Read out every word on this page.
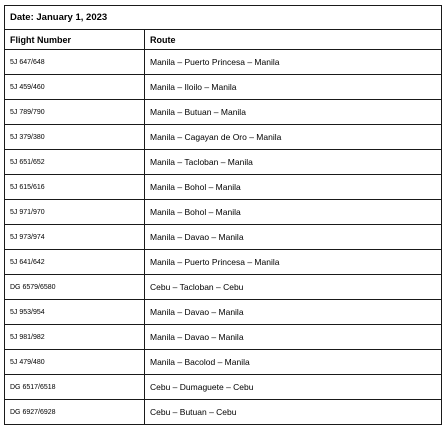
Date: January 1, 2023	
Flight Number	Route
5J 647/648	Manila – Puerto Princesa – Manila
5J 459/460	Manila – Iloilo – Manila
5J 789/790	Manila – Butuan – Manila
5J 379/380	Manila – Cagayan de Oro – Manila
5J 651/652	Manila – Tacloban – Manila
5J 615/616	Manila – Bohol – Manila
5J 971/970	Manila – Bohol – Manila
5J 973/974	Manila – Davao – Manila
5J 641/642	Manila – Puerto Princesa – Manila
DG 6579/6580	Cebu – Tacloban – Cebu
5J 953/954	Manila – Davao – Manila
5J 981/982	Manila – Davao – Manila
5J 479/480	Manila – Bacolod – Manila
DG 6517/6518	Cebu – Dumaguete – Cebu
DG 6927/6928	Cebu – Butuan – Cebu
